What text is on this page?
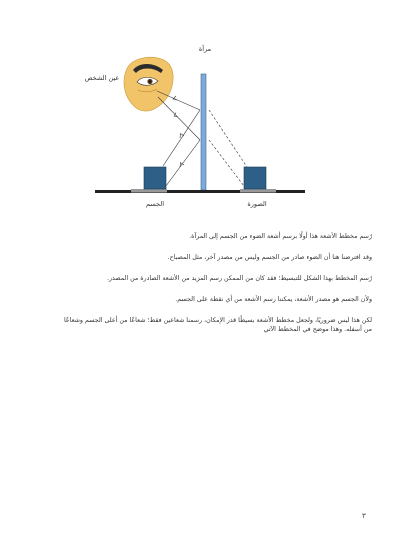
مرآة
عين الشخص
الجسم	الصورة

رُسم مخطط الأشعة هذا أولًا برسم أشعة الضوء من الجسم إلى المرآة.

وقد افترضنا هنا أن الضوء صادر من الجسم وليس من مصدر آخر، مثل المصباح.

رُسم المخطط بهذا الشكل للتبسيط؛ فقد كان من الممكن رسم المزيد من الأشعة الصادرة من المصدر.

ولأن الجسم هو مصدر الأشعة، يمكننا رسم الأشعة من أي نقطة على الجسم.

لكن هذا ليس ضروريًا، ولجعل مخطط الأشعة بسيطًا قدر الإمكان، رسمنا شعاعين فقط؛ شعاعًا من أعلى الجسم وشعاعًا من أسفله. وهذا موضح في المخطط الآتي

٣
